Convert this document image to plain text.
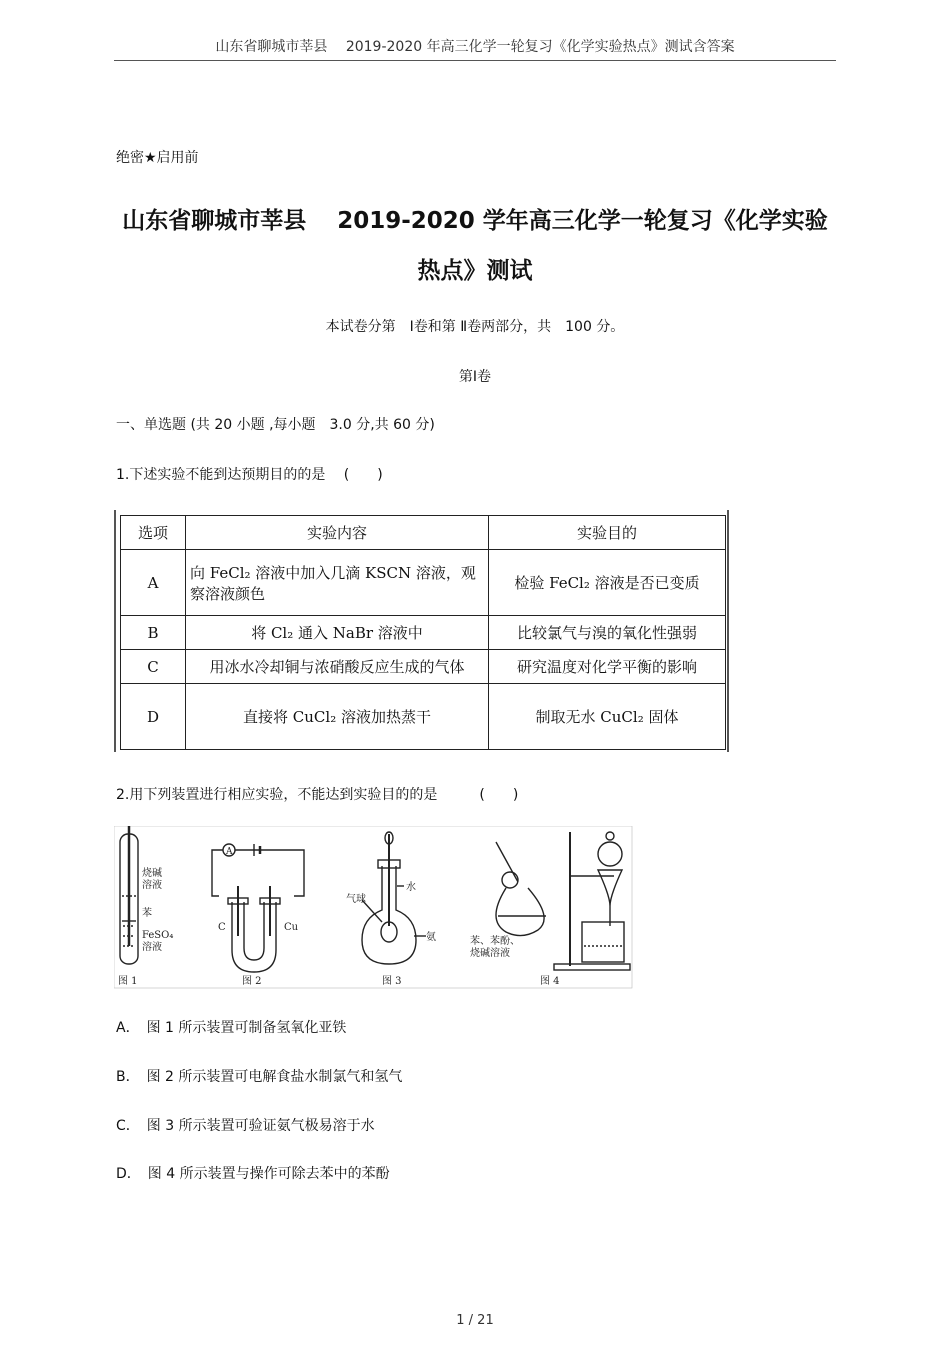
山东省聊城市莘县　 2019-2020 年高三化学一轮复习《化学实验热点》测试含答案
绝密★启用前
山东省聊城市莘县　 2019-2020 学年高三化学一轮复习《化学实验
热点》测试
本试卷分第　Ⅰ卷和第 Ⅱ卷两部分，共　100 分。
第Ⅰ卷
一、单选题 (共 20 小题 ,每小题　3.0 分,共 60 分)
1.下述实验不能到达预期目的的是　 (　　)
选项	实验内容	实验目的
A	向 FeCl₂ 溶液中加入几滴 KSCN 溶液，观察溶液颜色	检验 FeCl₂ 溶液是否已变质
B	将 Cl₂ 通入 NaBr 溶液中	比较氯气与溴的氧化性强弱
C	用冰水冷却铜与浓硝酸反应生成的气体	研究温度对化学平衡的影响
D	直接将 CuCl₂ 溶液加热蒸干	制取无水 CuCl₂ 固体
2.用下列装置进行相应实验，不能达到实验目的的是　　　(　　)
烧碱
溶液
苯
FeSO₄
溶液
图 1
A
C	Cu
图 2
水
气球
氨
图 3
苯、苯酚、
烧碱溶液
图 4
A．　图 1 所示装置可制备氢氧化亚铁
B．　图 2 所示装置可电解食盐水制氯气和氢气
C．　图 3 所示装置可验证氨气极易溶于水
D．　图 4 所示装置与操作可除去苯中的苯酚
1 / 21
